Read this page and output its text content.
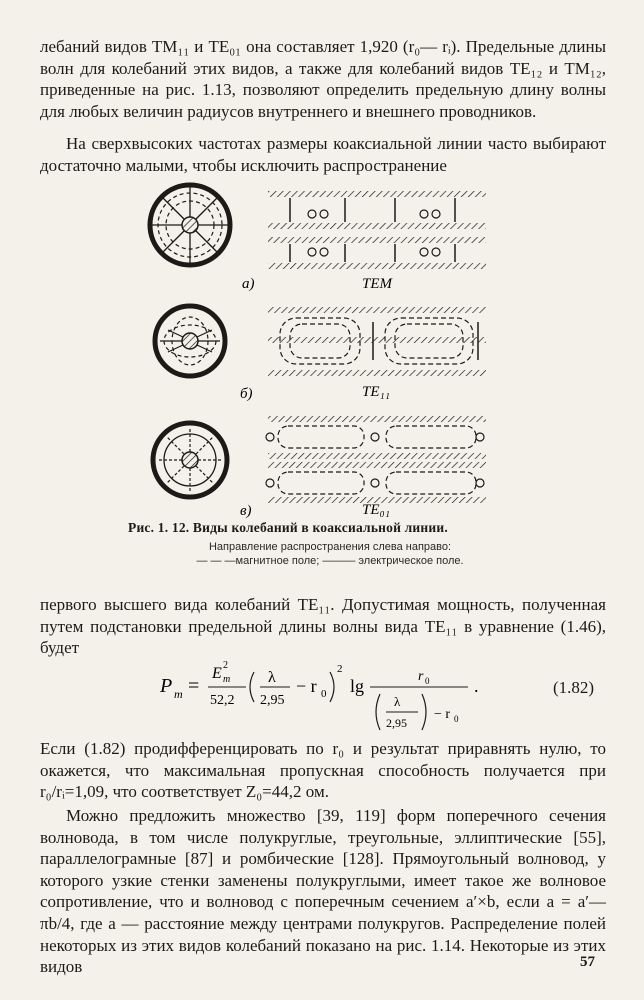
лебаний видов TM₁₁ и TE₀₁ она составляет 1,920 (r₀— rᵢ). Предельные длины волн для колебаний этих видов, а также для колебаний видов TE₁₂ и TM₁₂, приведенные на рис. 1.13, позволяют определить предельную длину волны для любых величин радиусов внутреннего и внешнего проводников.

На сверхвысоких частотах размеры коаксиальной линии часто выбирают достаточно малыми, чтобы исключить распространение

а)	TEM
б)	TE₁₁
в)	TE₀₁
Рис. 1. 12. Виды колебаний в коаксиальной линии.
Направление распространения слева направо:
— — —магнитное поле; ——— электрическое поле.

первого высшего вида колебаний TE₁₁. Допустимая мощность, полученная путем подстановки предельной длины волны вида TE₁₁ в уравнение (1.46), будет

P m =
E 2
m
52,2
λ
2,95
− r 0
2
lg	r 0
λ
2,95
− r 0
.	(1.82)

Если (1.82) продифференцировать по r₀ и результат приравнять нулю, то окажется, что максимальная пропускная способность получается при r₀/rᵢ=1,09, что соответствует Z₀=44,2 ом.

Можно предложить множество [39, 119] форм поперечного сечения волновода, в том числе полукруглые, треугольные, эллиптические [55], параллелограмные [87] и ромбические [128]. Прямоугольный волновод, у которого узкие стенки заменены полукруглыми, имеет такое же волновое сопротивление, что и волновод с поперечным сечением a′×b, если a = a′—πb/4, где a — расстояние между центрами полукругов. Распределение полей некоторых из этих видов колебаний показано на рис. 1.14. Некоторые из этих видов	57
